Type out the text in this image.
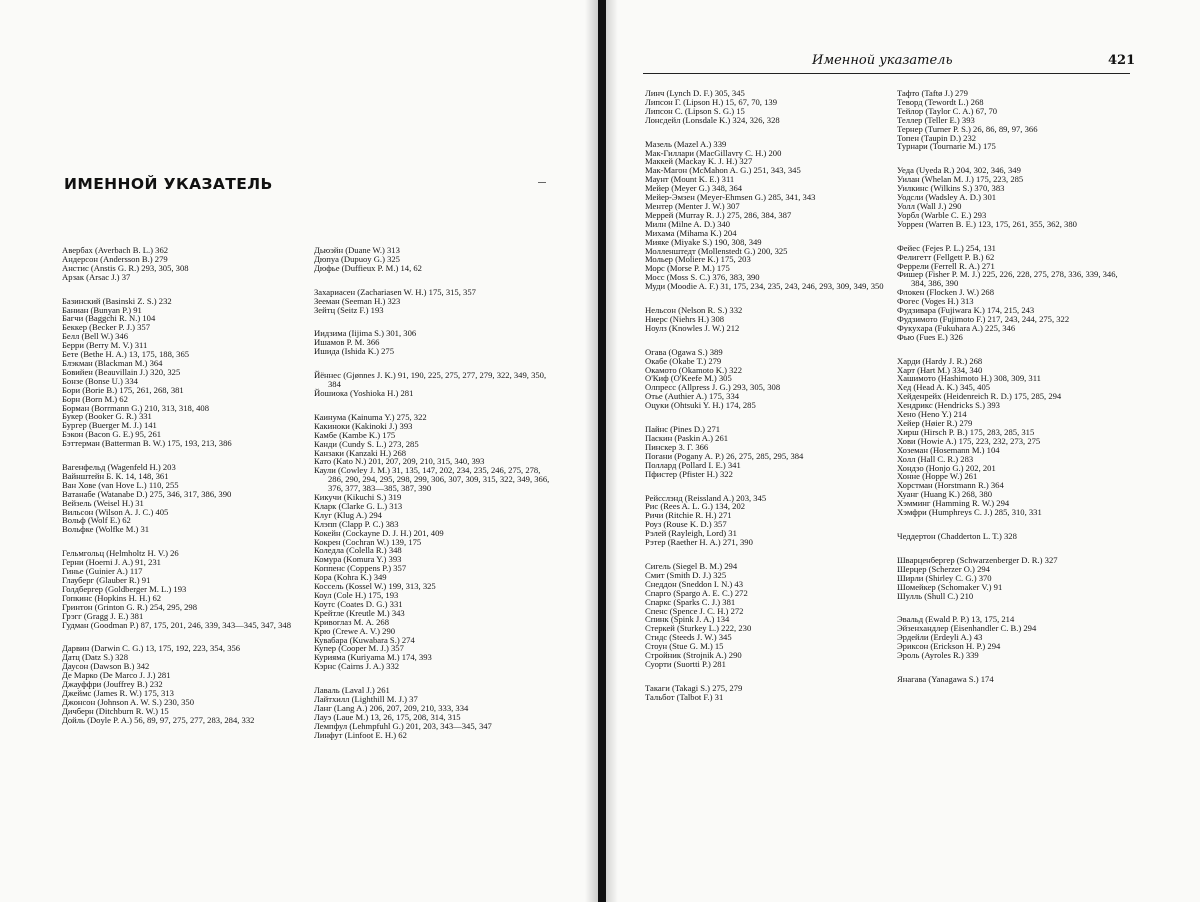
Именной указатель	421
ИМЕННОЙ УКАЗАТЕЛЬ
Авербах (Averbach B. L.) 362
Андерсон (Andersson B.) 279
Анстис (Anstis G. R.) 293, 305, 308
Арзак (Arsac J.) 37
Базинский (Basinski Z. S.) 232
Баниан (Bunyan P.) 91
Багчи (Baggchi R. N.) 104
Беккер (Becker P. J.) 357
Белл (Bell W.) 346
Берри (Berry M. V.) 311
Бете (Bethe H. A.) 13, 175, 188, 365
Блэкман (Blackman M.) 364
Бовийен (Beauvillain J.) 320, 325
Бонзе (Bonse U.) 334
Бори (Borie B.) 175, 261, 268, 381
Борн (Born M.) 62
Борман (Borrmann G.) 210, 313, 318, 408
Букер (Booker G. R.) 331
Бургер (Buerger M. J.) 141
Бэкон (Bacon G. E.) 95, 261
Бэттерман (Batterman B. W.) 175, 193, 213, 386
Вагенфельд (Wagenfeld H.) 203
Вайнштейн Б. К. 14, 148, 361
Ван Хове (van Hove L.) 110, 255
Ватанабе (Watanabe D.) 275, 346, 317, 386, 390
Вейзель (Weisel H.) 31
Вильсон (Wilson A. J. C.) 405
Вольф (Wolf E.) 62
Вольфке (Wolfke M.) 31
Гельмгольц (Helmholtz H. V.) 26
Герни (Hoerni J. A.) 91, 231
Гинье (Guinier A.) 117
Глауберг (Glauber R.) 91
Голдбергер (Goldberger M. L.) 193
Гопкинс (Hopkins H. H.) 62
Гринтон (Grinton G. R.) 254, 295, 298
Грэгг (Gragg J. E.) 381
Гудман (Goodman P.) 87, 175, 201, 246, 339, 343—345, 347, 348
Дарвин (Darwin C. G.) 13, 175, 192, 223, 354, 356
Датц (Datz S.) 328
Даусон (Dawson B.) 342
Де Марко (De Marco J. J.) 281
Джауффри (Jouffrey B.) 232
Джеймс (James R. W.) 175, 313
Джонсон (Johnson A. W. S.) 230, 350
Дичберн (Ditchburn R. W.) 15
Дойль (Doyle P. A.) 56, 89, 97, 275, 277, 283, 284, 332
Дьюэйн (Duane W.) 313
Дюпуа (Dupuoy G.) 325
Дюфье (Duffieux P. M.) 14, 62
Захариасен (Zachariasen W. H.) 175, 315, 357
Зееман (Seeman H.) 323
Зейтц (Seitz F.) 193
Иидзима (Iijima S.) 301, 306
Ишамов Р. М. 366
Ишида (Ishida K.) 275
Йённес (Gjønnes J. K.) 91, 190, 225, 275, 277, 279, 322, 349, 350, 384
Йошиока (Yoshioka H.) 281
Каинума (Kainuma Y.) 275, 322
Какиноки (Kakinoki J.) 393
Камбе (Kambe K.) 175
Канди (Cundy S. L.) 273, 285
Канзаки (Kanzaki H.) 268
Като (Kato N.) 201, 207, 209, 210, 315, 340, 393
Каули (Cowley J. M.) 31, 135, 147, 202, 234, 235, 246, 275, 278, 286, 290, 294, 295, 298, 299, 306, 307, 309, 315, 322, 349, 366, 376, 377, 383—385, 387, 390
Кикучи (Kikuchi S.) 319
Кларк (Clarke G. L.) 313
Клуг (Klug A.) 294
Клэпп (Clapp P. C.) 383
Кокейн (Cockayne D. J. H.) 201, 409
Кокрен (Cochran W.) 139, 175
Коледла (Colella R.) 348
Комура (Komura Y.) 393
Коппенс (Coppens P.) 357
Кора (Kohra K.) 349
Коссель (Kossel W.) 199, 313, 325
Коул (Cole H.) 175, 193
Коутс (Coates D. G.) 331
Крейтле (Kreutle M.) 343
Кривоглаз М. А. 268
Крю (Crewe A. V.) 290
Кувабара (Kuwabara S.) 274
Купер (Cooper M. J.) 357
Курияма (Kuriyama M.) 174, 393
Кэрнс (Cairns J. A.) 332
Лаваль (Laval J.) 261
Лайтхилл (Lighthill M. J.) 37
Ланг (Lang A.) 206, 207, 209, 210, 333, 334
Лауэ (Laue M.) 13, 26, 175, 208, 314, 315
Лемпфул (Lehmpfuhl G.) 201, 203, 343—345, 347
Линфут (Linfoot E. H.) 62
Линч (Lynch D. F.) 305, 345
Липсон Г. (Lipson H.) 15, 67, 70, 139
Липсон С. (Lipson S. G.) 15
Лонсдейл (Lonsdale K.) 324, 326, 328
Мазель (Mazel A.) 339
Мак-Гиллари (MacGillavry C. H.) 200
Маккей (Mackay K. J. H.) 327
Мак-Магон (McMahon A. G.) 251, 343, 345
Маунт (Mount K. E.) 311
Мейер (Meyer G.) 348, 364
Мейер-Эмзен (Meyer-Ehmsen G.) 285, 341, 343
Ментер (Menter J. W.) 307
Меррей (Murray R. J.) 275, 286, 384, 387
Милн (Milne A. D.) 340
Михама (Mihama K.) 204
Мияке (Miyake S.) 190, 308, 349
Молленштедт (Mollenstedt G.) 200, 325
Мольер (Moliere K.) 175, 203
Морс (Morse P. M.) 175
Мосс (Moss S. C.) 376, 383, 390
Муди (Moodie A. F.) 31, 175, 234, 235, 243, 246, 293, 309, 349, 350
Нельсон (Nelson R. S.) 332
Ниерс (Niehrs H.) 308
Ноулз (Knowles J. W.) 212
Огава (Ogawa S.) 389
Окабе (Okabe T.) 279
Окамото (Okamoto K.) 322
О'Киф (O'Keefe M.) 305
Олпресс (Allpress J. G.) 293, 305, 308
Отье (Authier A.) 175, 334
Оцуки (Ohtsuki Y. H.) 174, 285
Пайнс (Pines D.) 271
Паскин (Paskin A.) 261
Пинскер З. Г. 366
Погани (Pogany A. P.) 26, 275, 285, 295, 384
Поллард (Pollard I. E.) 341
Пфистер (Pfister H.) 322
Рейсслэнд (Reissland A.) 203, 345
Рис (Rees A. L. G.) 134, 202
Ричи (Ritchie R. H.) 271
Роуз (Rouse K. D.) 357
Рэлей (Rayleigh, Lord) 31
Рэтер (Raether H. A.) 271, 390
Сигель (Siegel B. M.) 294
Смит (Smith D. J.) 325
Снеддон (Sneddon I. N.) 43
Спарго (Spargo A. E. C.) 272
Спаркс (Sparks C. J.) 381
Спенс (Spence J. C. H.) 272
Спинк (Spink J. A.) 134
Стеркей (Sturkey L.) 222, 230
Стидс (Steeds J. W.) 345
Стоун (Stue G. M.) 15
Стройник (Strojnik A.) 290
Суорти (Suortti P.) 281
Такаги (Takagi S.) 275, 279
Тальбот (Talbot F.) 31
Тафто (Taftø J.) 279
Теворд (Tewordt L.) 268
Тейлор (Taylor C. A.) 67, 70
Теллер (Teller E.) 393
Тернер (Turner P. S.) 26, 86, 89, 97, 366
Топен (Taupin D.) 232
Турнари (Tournarie M.) 175
Уеда (Uyeda R.) 204, 302, 346, 349
Уилан (Whelan M. J.) 175, 223, 285
Уилкинс (Wilkins S.) 370, 383
Уодсли (Wadsley A. D.) 301
Уолл (Wall J.) 290
Уорбл (Warble C. E.) 293
Уоррен (Warren B. E.) 123, 175, 261, 355, 362, 380
Фейес (Fejes P. L.) 254, 131
Фелигетт (Fellgett P. B.) 62
Феррели (Ferrell R. A.) 271
Фишер (Fisher P. M. J.) 225, 226, 228, 275, 278, 336, 339, 346, 384, 386, 390
Флокен (Flocken J. W.) 268
Фогес (Voges H.) 313
Фудзивара (Fujiwara K.) 174, 215, 243
Фудзимото (Fujimoto F.) 217, 243, 244, 275, 322
Фукухара (Fukuhara A.) 225, 346
Фью (Fues E.) 326
Харди (Hardy J. R.) 268
Харт (Hart M.) 334, 340
Хашимото (Hashimoto H.) 308, 309, 311
Хед (Head A. K.) 345, 405
Хейденрейх (Heidenreich R. D.) 175, 285, 294
Хендрикс (Hendricks S.) 393
Хено (Heno Y.) 214
Хейер (Høier R.) 279
Хирш (Hirsch P. B.) 175, 283, 285, 315
Хови (Howie A.) 175, 223, 232, 273, 275
Хоземан (Hosemann M.) 104
Холл (Hall C. R.) 283
Хондзо (Honjo G.) 202, 201
Хонне (Hoppe W.) 261
Хорстман (Horstmann R.) 364
Хуанг (Huang K.) 268, 380
Хэмминг (Hamming R. W.) 294
Хэмфри (Humphreys C. J.) 285, 310, 331
Чеддертон (Chadderton L. T.) 328
Шварценбергер (Schwarzenberger D. R.) 327
Шерцер (Scherzer O.) 294
Ширли (Shirley C. G.) 370
Шомейкер (Schomaker V.) 91
Шулль (Shull C.) 210
Эвальд (Ewald P. P.) 13, 175, 214
Эйзенхандлер (Eisenhandler C. B.) 294
Эрдейли (Erdeyli A.) 43
Эриксон (Erickson H. P.) 294
Эроль (Ayroles R.) 339
Янагава (Yanagawa S.) 174
